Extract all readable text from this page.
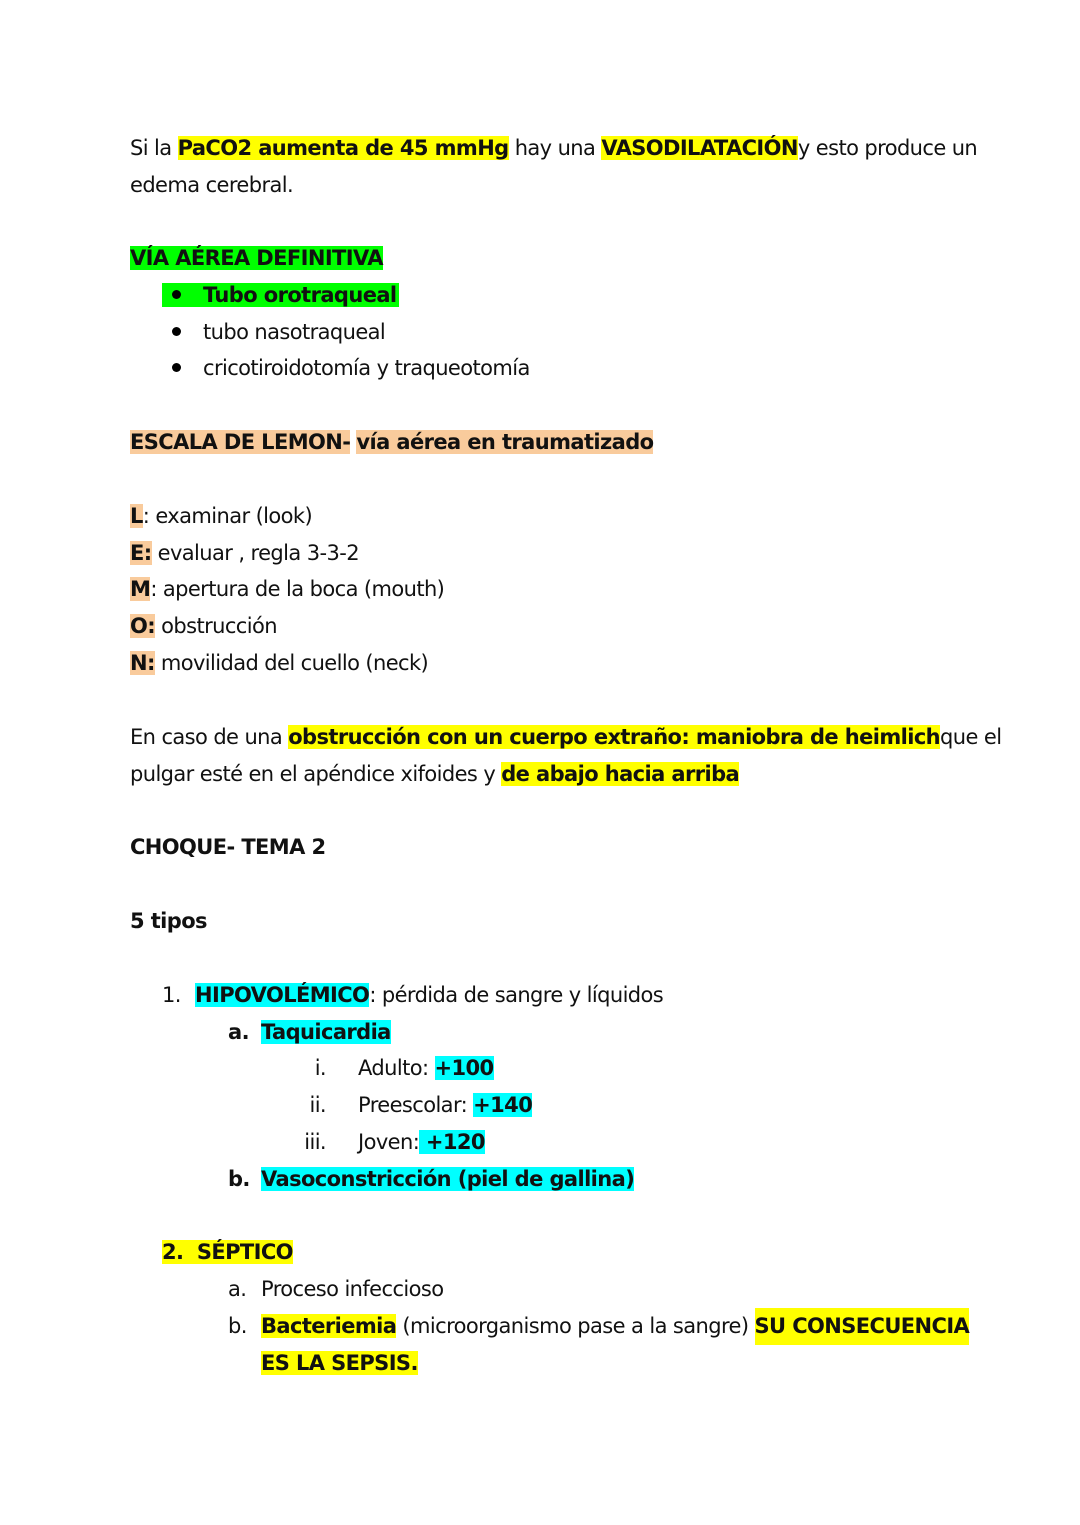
Si la PaCO2 aumenta de 45 mmHg hay una VASODILATACIÓN y esto produce un
edema cerebral.
VÍA AÉREA DEFINITIVA
Tubo orotraqueal
tubo nasotraqueal
cricotiroidotomía y traqueotomía
ESCALA DE LEMON- vía aérea en traumatizado
L: examinar (look)
E: evaluar , regla 3-3-2
M: apertura de la boca (mouth)
O: obstrucción
N: movilidad del cuello (neck)
En caso de una obstrucción con un cuerpo extraño: maniobra de heimlich que el
pulgar esté en el apéndice xifoides y de abajo hacia arriba
CHOQUE- TEMA 2
5 tipos
1. HIPOVOLÉMICO: pérdida de sangre y líquidos
a. Taquicardia
i. Adulto: +100
ii. Preescolar: +140
iii. Joven: +120
b. Vasoconstricción (piel de gallina)
2. SÉPTICO
a. Proceso infeccioso
b. Bacteriemia (microorganismo pase a la sangre) SU CONSECUENCIA
ES LA SEPSIS.
